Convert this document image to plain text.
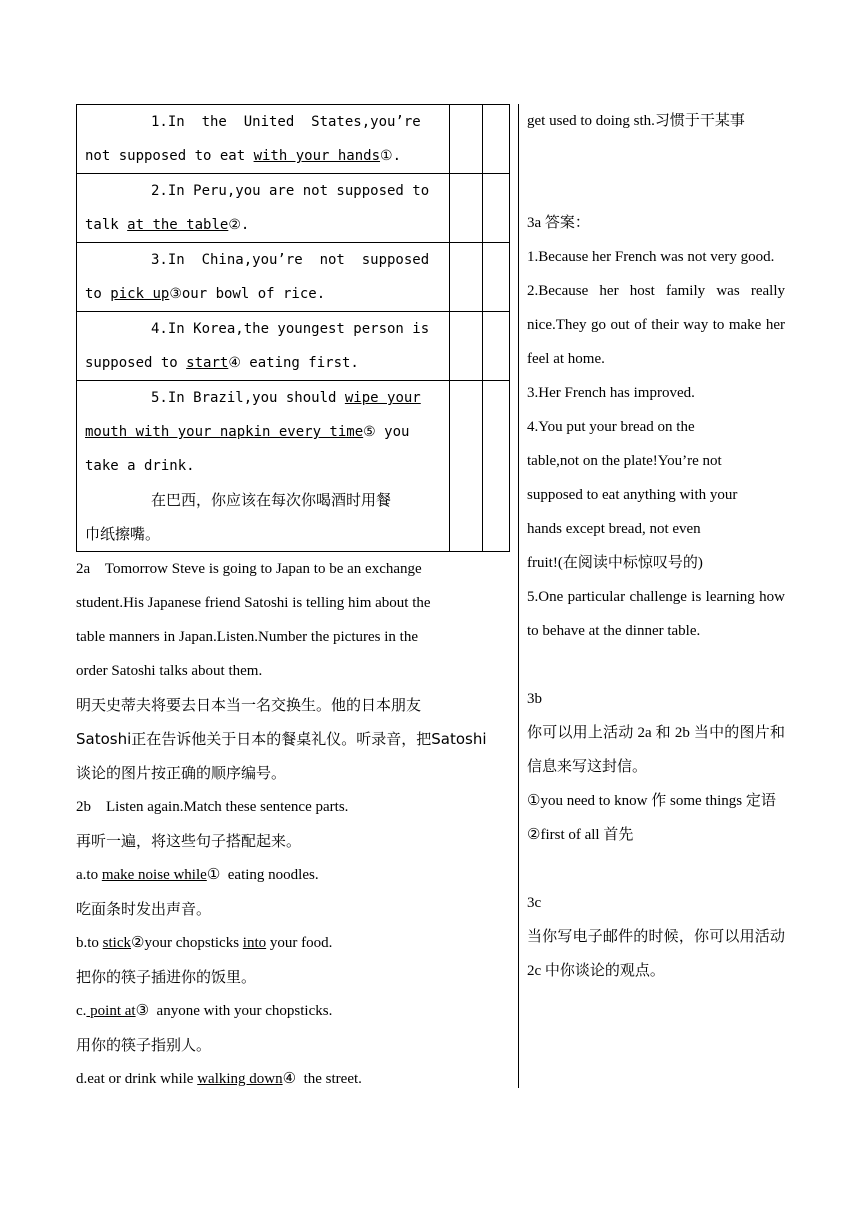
1.In  the  United  States,you’re
not supposed to eat with your hands①.		

2.In Peru,you are not supposed to
talk at the table②.		

3.In  China,you’re  not  supposed
to pick up③our bowl of rice.		

4.In Korea,the youngest person is
supposed to start④ eating first.		

5.In Brazil,you should wipe your
mouth with your napkin every time⑤ you
take a drink.
在巴西，你应该在每次你喝酒时用餐
巾纸擦嘴。		

2a    Tomorrow Steve is going to Japan to be an exchange

student.His Japanese friend Satoshi is telling him about the

table manners in Japan.Listen.Number the pictures in the

order Satoshi talks about them.

明天史蒂夫将要去日本当一名交换生。他的日本朋友

Satoshi正在告诉他关于日本的餐桌礼仪。听录音，把Satoshi

谈论的图片按正确的顺序编号。

2b    Listen again.Match these sentence parts.

再听一遍，将这些句子搭配起来。

a.to make noise while①  eating noodles.

吃面条时发出声音。

b.to stick②your chopsticks into your food.

把你的筷子插进你的饭里。

c. point at③  anyone with your chopsticks.

用你的筷子指别人。

d.eat or drink while walking down④  the street.

get used to doing sth.习惯于干某事

3a 答案：

1.Because her French was not very good.

2.Because her host family was really nice.They go out of their way to make her feel at home.

3.Her French has improved.

4.You put your bread on the

table,not on the plate!You’re not

supposed to eat anything with your

hands except bread, not even

fruit!(在阅读中标惊叹号的)

5.One particular challenge is learning how to behave at the dinner table.

3b

你可以用上活动 2a 和 2b 当中的图片和信息来写这封信。

①you need to know 作 some things 定语

②first of all 首先

3c

当你写电子邮件的时候，你可以用活动 2c 中你谈论的观点。
